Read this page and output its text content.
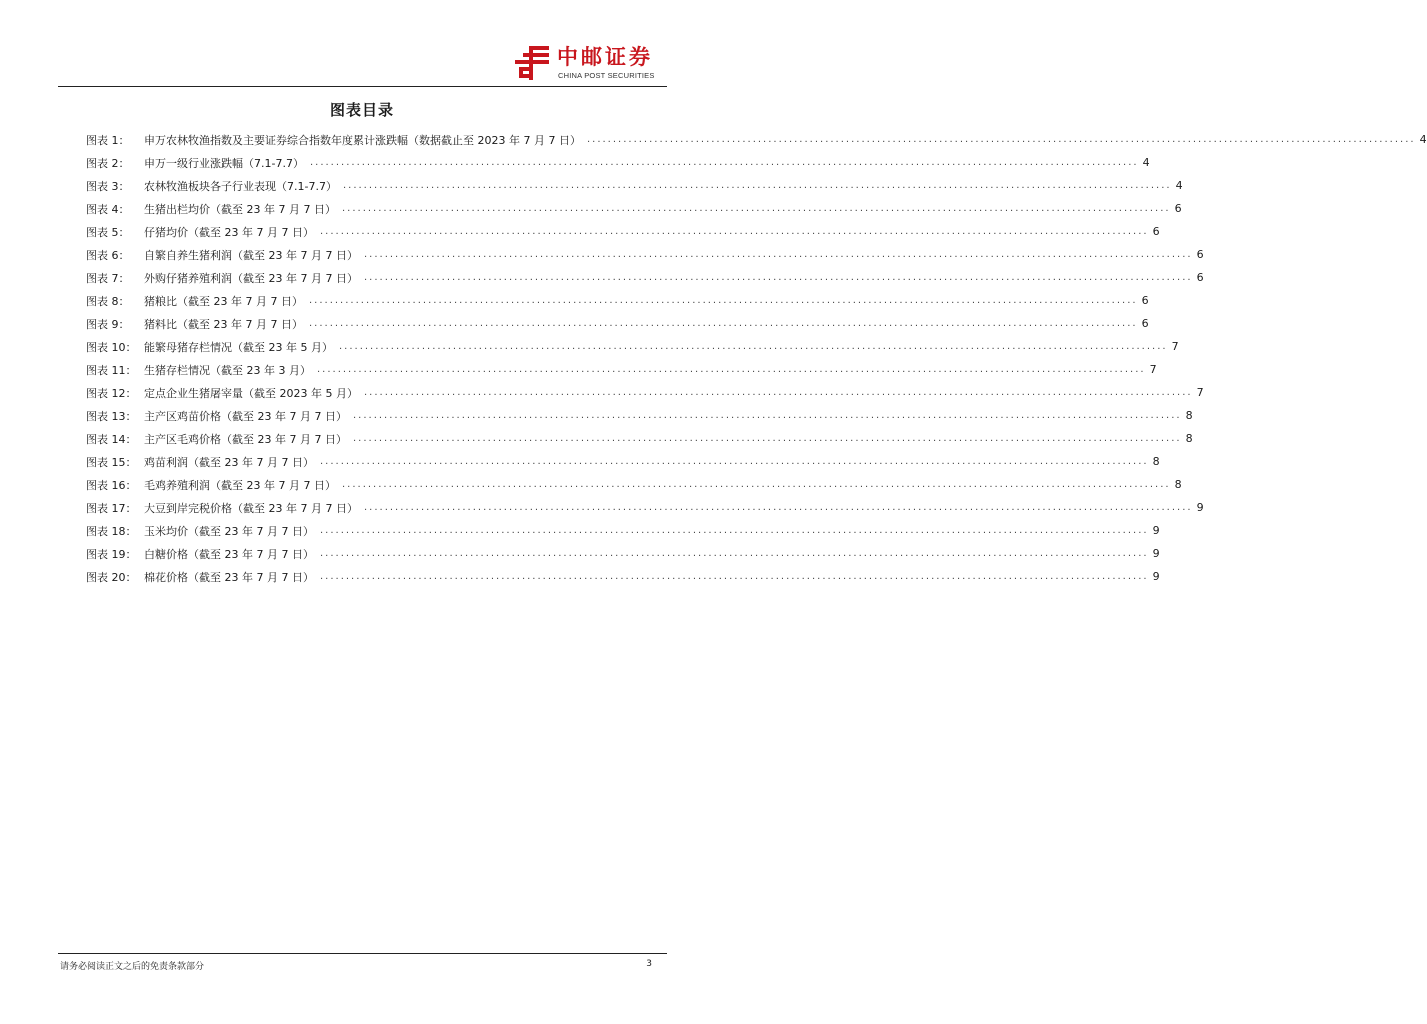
中邮证券
CHINA POST SECURITIES
图表目录
图表 1：	申万农林牧渔指数及主要证券综合指数年度累计涨跌幅（数据截止至 2023 年 7 月 7 日） ................................................................................................................................................................ 4
图表 2：	申万一级行业涨跌幅（7.1-7.7） ................................................................................................................................................................ 4
图表 3：	农林牧渔板块各子行业表现（7.1-7.7） ................................................................................................................................................................ 4
图表 4：	生猪出栏均价（截至 23 年 7 月 7 日） ................................................................................................................................................................ 6
图表 5：	仔猪均价（截至 23 年 7 月 7 日） ................................................................................................................................................................ 6
图表 6：	自繁自养生猪利润（截至 23 年 7 月 7 日） ................................................................................................................................................................ 6
图表 7：	外购仔猪养殖利润（截至 23 年 7 月 7 日） ................................................................................................................................................................ 6
图表 8：	猪粮比（截至 23 年 7 月 7 日） ................................................................................................................................................................ 6
图表 9：	猪料比（截至 23 年 7 月 7 日） ................................................................................................................................................................ 6
图表 10： 能繁母猪存栏情况（截至 23 年 5 月） ................................................................................................................................................................ 7
图表 11： 生猪存栏情况（截至 23 年 3 月） ................................................................................................................................................................ 7
图表 12： 定点企业生猪屠宰量（截至 2023 年 5 月） ................................................................................................................................................................ 7
图表 13： 主产区鸡苗价格（截至 23 年 7 月 7 日） ................................................................................................................................................................ 8
图表 14： 主产区毛鸡价格（截至 23 年 7 月 7 日） ................................................................................................................................................................ 8
图表 15： 鸡苗利润（截至 23 年 7 月 7 日） ................................................................................................................................................................ 8
图表 16： 毛鸡养殖利润（截至 23 年 7 月 7 日） ................................................................................................................................................................ 8
图表 17： 大豆到岸完税价格（截至 23 年 7 月 7 日） ................................................................................................................................................................ 9
图表 18： 玉米均价（截至 23 年 7 月 7 日） ................................................................................................................................................................ 9
图表 19： 白糖价格（截至 23 年 7 月 7 日） ................................................................................................................................................................ 9
图表 20： 棉花价格（截至 23 年 7 月 7 日） ................................................................................................................................................................ 9
请务必阅读正文之后的免责条款部分	3
